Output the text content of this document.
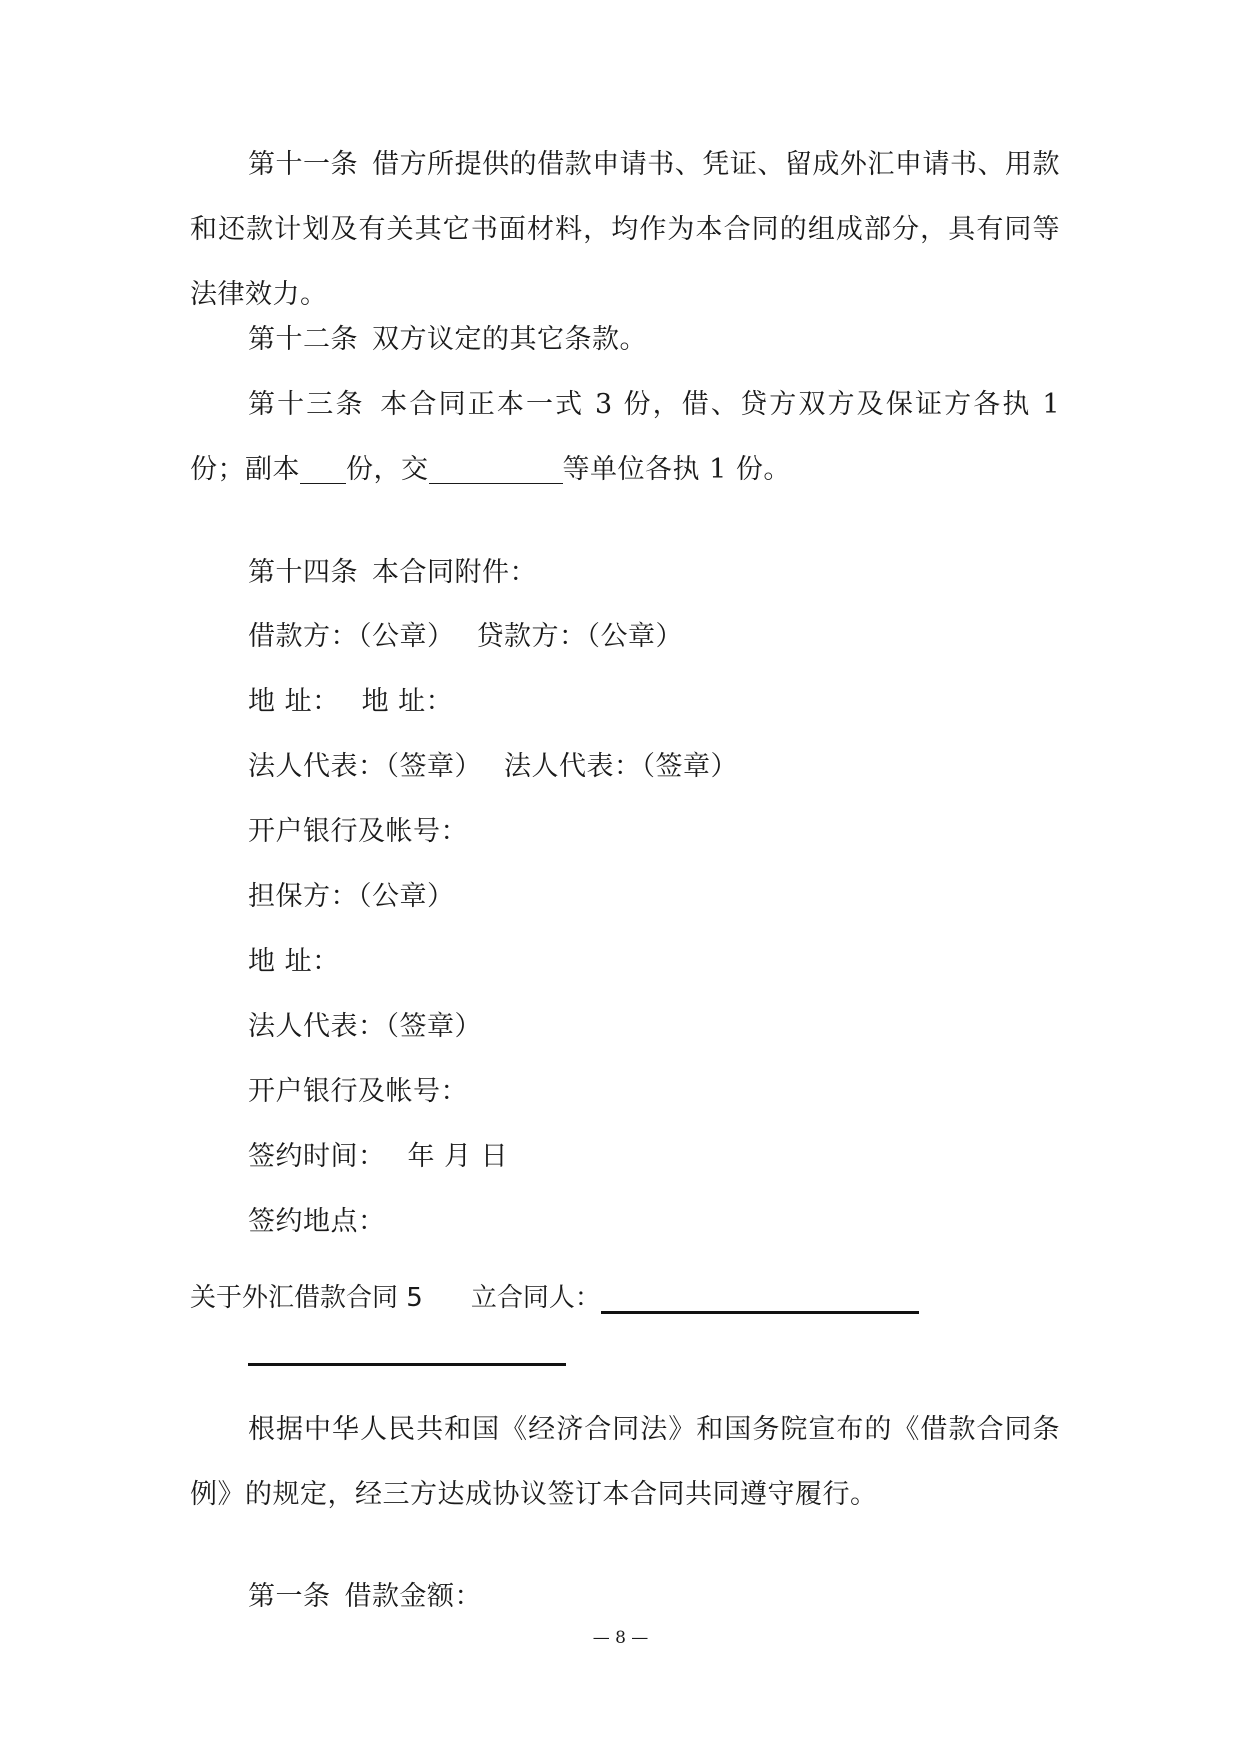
第十一条 借方所提供的借款申请书、凭证、留成外汇申请书、用款和还款计划及有关其它书面材料，均作为本合同的组成部分，具有同等法律效力。

第十二条 双方议定的其它条款。

第十三条 本合同正本一式 3 份，借、贷方双方及保证方各执 1 份；副本 份，交	等单位各执 1 份。

第十四条 本合同附件：

借款方：（公章） 贷款方：（公章）

地 址： 地 址：

法人代表：（签章） 法人代表：（签章）

开户银行及帐号：

担保方：（公章）

地 址：

法人代表：（签章）

开户银行及帐号：

签约时间： 年 月 日

签约地点：

关于外汇借款合同 5 立合同人：

根据中华人民共和国《经济合同法》和国务院宣布的《借款合同条例》的规定，经三方达成协议签订本合同共同遵守履行。

第一条 借款金额：

— 8 —
